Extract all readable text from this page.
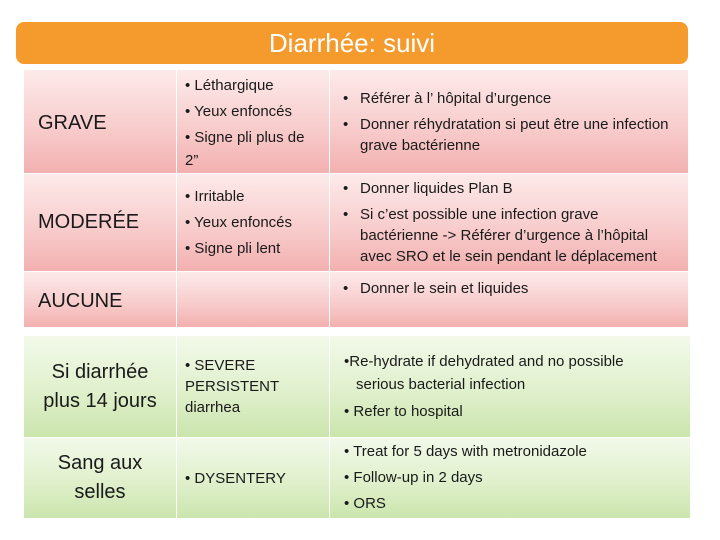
Diarrhée: suivi
GRAVE
• Léthargique
• Yeux enfoncés
• Signe pli plus de
2”
• Référer à l’ hôpital d’urgence
• Donner réhydratation si peut être une infection grave bactérienne
MODERÉE
• Irritable
• Yeux enfoncés
• Signe pli lent
• Donner liquides Plan B
• Si c’est possible une infection grave bactérienne -> Référer d’urgence à l’hôpital avec SRO et le sein pendant le déplacement
AUCUNE
• Donner le sein et liquides
Si diarrhée
plus 14 jours
• SEVERE
PERSISTENT
diarrhea
•Re-hydrate if dehydrated and no possible
serious bacterial infection
• Refer to hospital
Sang aux
selles
• DYSENTERY
• Treat for 5 days with metronidazole
• Follow-up in 2 days
• ORS
